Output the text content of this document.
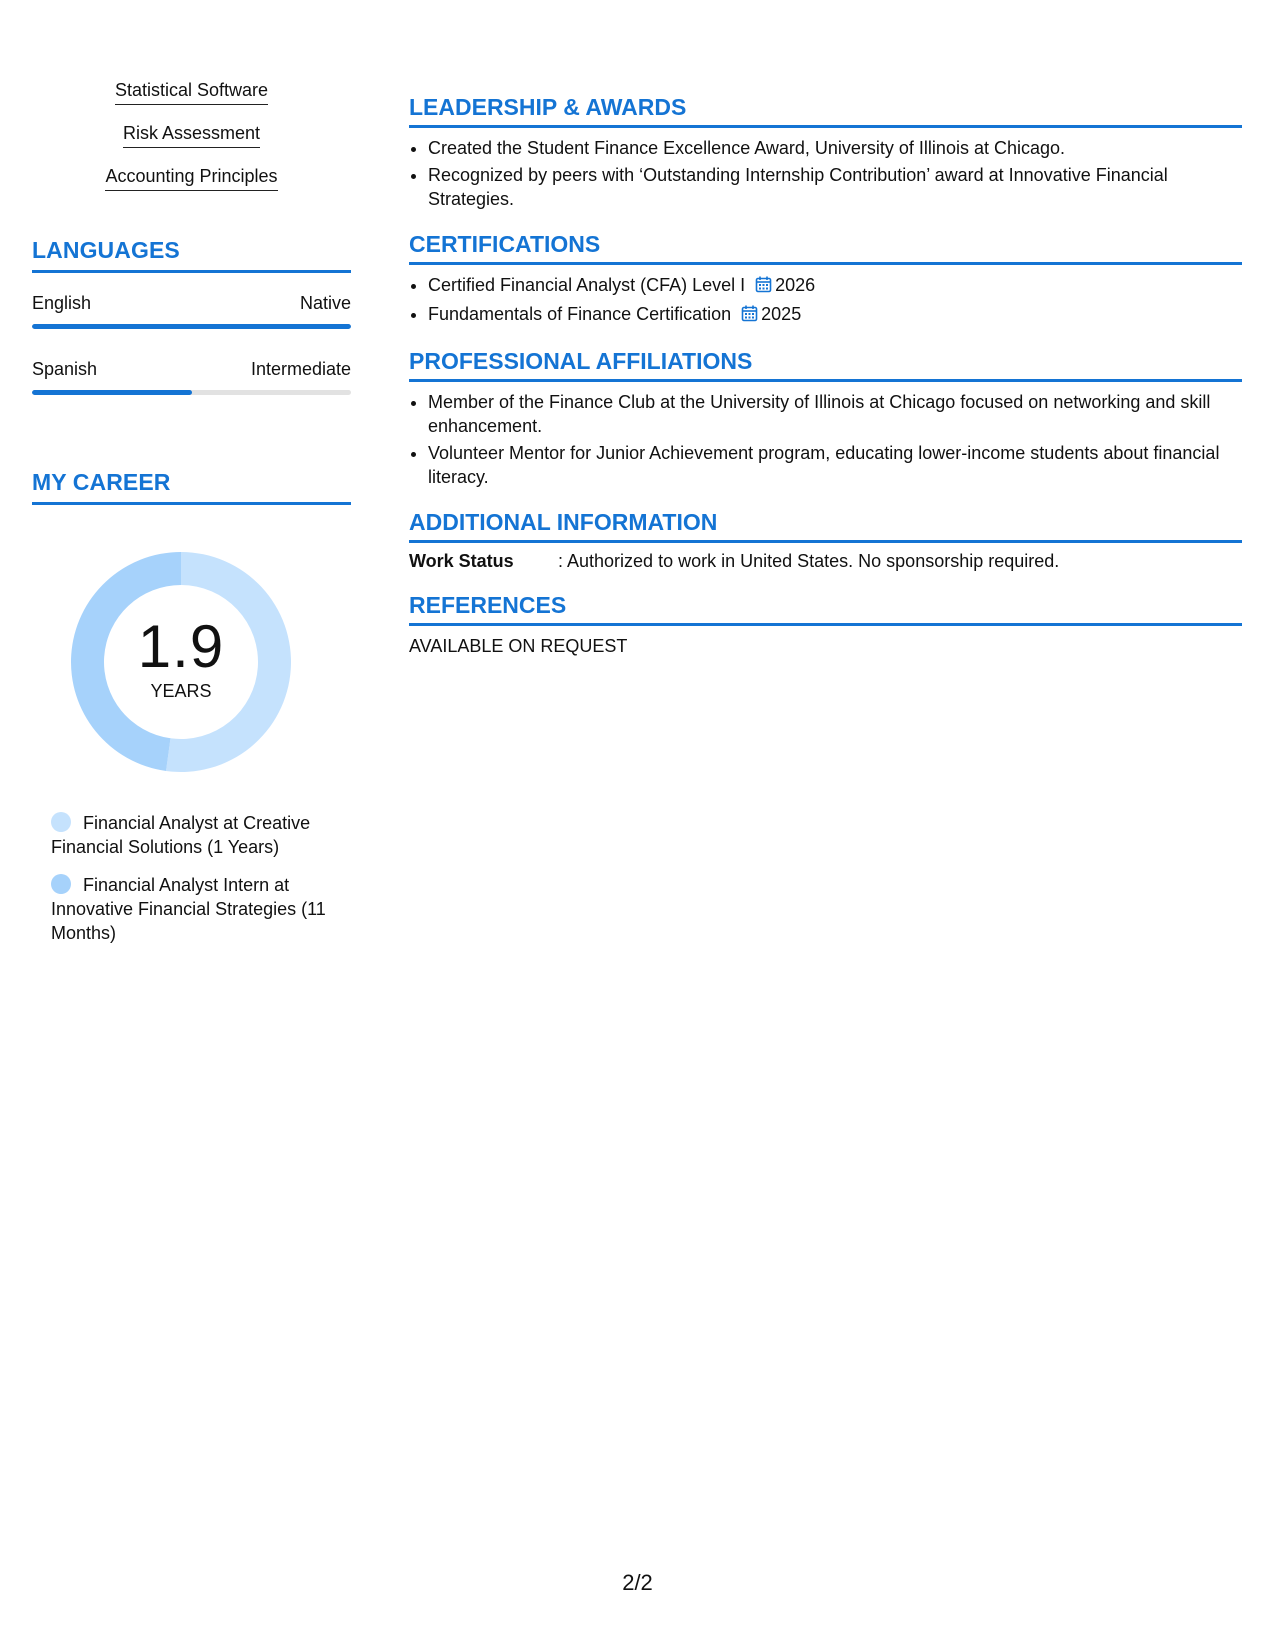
Statistical Software
Risk Assessment
Accounting Principles
LANGUAGES
English	Native
Spanish	Intermediate
MY CAREER
1.9
YEARS
Financial Analyst at Creative Financial Solutions (1 Years)
Financial Analyst Intern at Innovative Financial Strategies (11 Months)
LEADERSHIP & AWARDS
• Created the Student Finance Excellence Award, University of Illinois at Chicago.
• Recognized by peers with ‘Outstanding Internship Contribution’ award at Innovative Financial Strategies.
CERTIFICATIONS
• Certified Financial Analyst (CFA) Level I 2026
• Fundamentals of Finance Certification 2025
PROFESSIONAL AFFILIATIONS
• Member of the Finance Club at the University of Illinois at Chicago focused on networking and skill enhancement.
• Volunteer Mentor for Junior Achievement program, educating lower-income students about financial literacy.
ADDITIONAL INFORMATION
Work Status	: Authorized to work in United States. No sponsorship required.
REFERENCES
AVAILABLE ON REQUEST
2/2
